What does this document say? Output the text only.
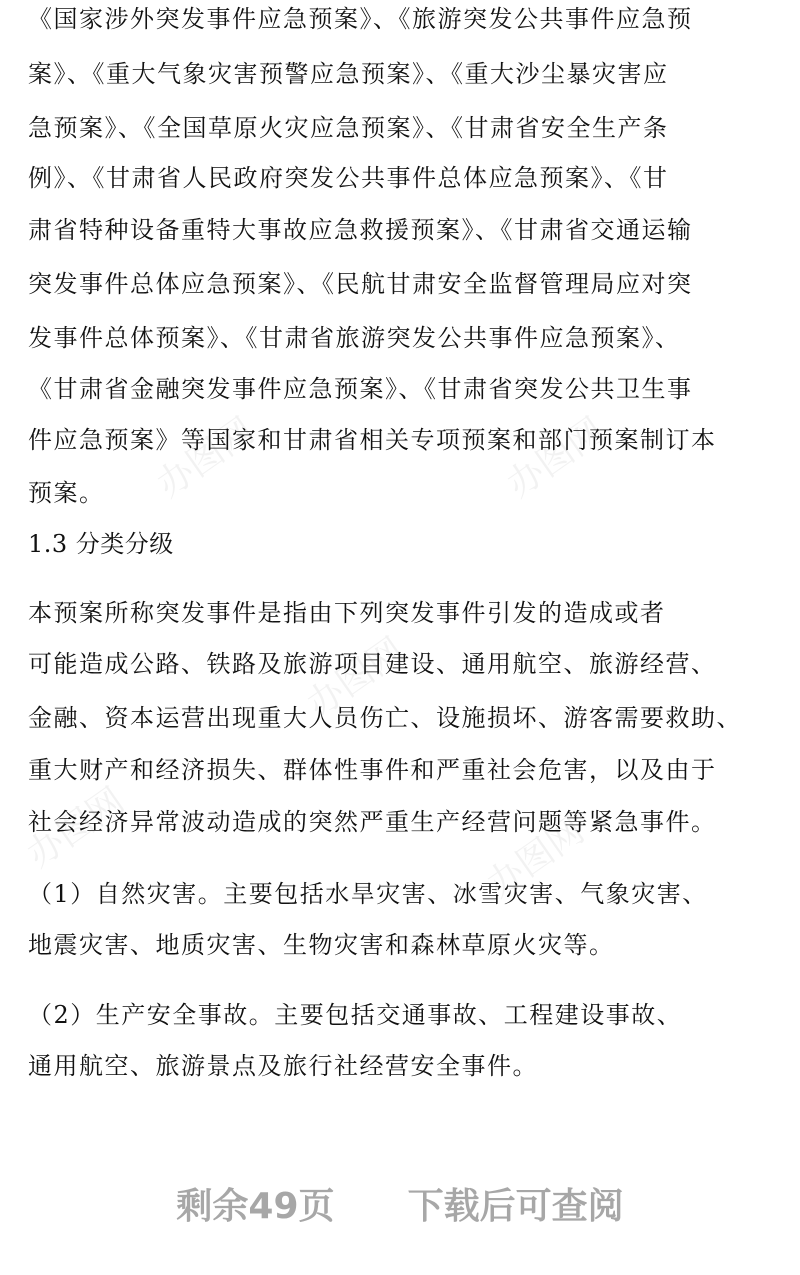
办图网	办图网
办图网
办图网	办图网
《国家涉外突发事件应急预案》、《旅游突发公共事件应急预
案》、《重大气象灾害预警应急预案》、《重大沙尘暴灾害应
急预案》、《全国草原火灾应急预案》、《甘肃省安全生产条
例》、《甘肃省人民政府突发公共事件总体应急预案》、《甘
肃省特种设备重特大事故应急救援预案》、《甘肃省交通运输
突发事件总体应急预案》、《民航甘肃安全监督管理局应对突
发事件总体预案》、《甘肃省旅游突发公共事件应急预案》、
《甘肃省金融突发事件应急预案》、《甘肃省突发公共卫生事
件应急预案》等国家和甘肃省相关专项预案和部门预案制订本
预案。
1.3 分类分级
本预案所称突发事件是指由下列突发事件引发的造成或者
可能造成公路、铁路及旅游项目建设、通用航空、旅游经营、
金融、资本运营出现重大人员伤亡、设施损坏、游客需要救助、
重大财产和经济损失、群体性事件和严重社会危害，以及由于
社会经济异常波动造成的突然严重生产经营问题等紧急事件。
（1）自然灾害。主要包括水旱灾害、冰雪灾害、气象灾害、
地震灾害、地质灾害、生物灾害和森林草原火灾等。
（2）生产安全事故。主要包括交通事故、工程建设事故、
通用航空、旅游景点及旅行社经营安全事件。
剩余49页 下载后可查阅
